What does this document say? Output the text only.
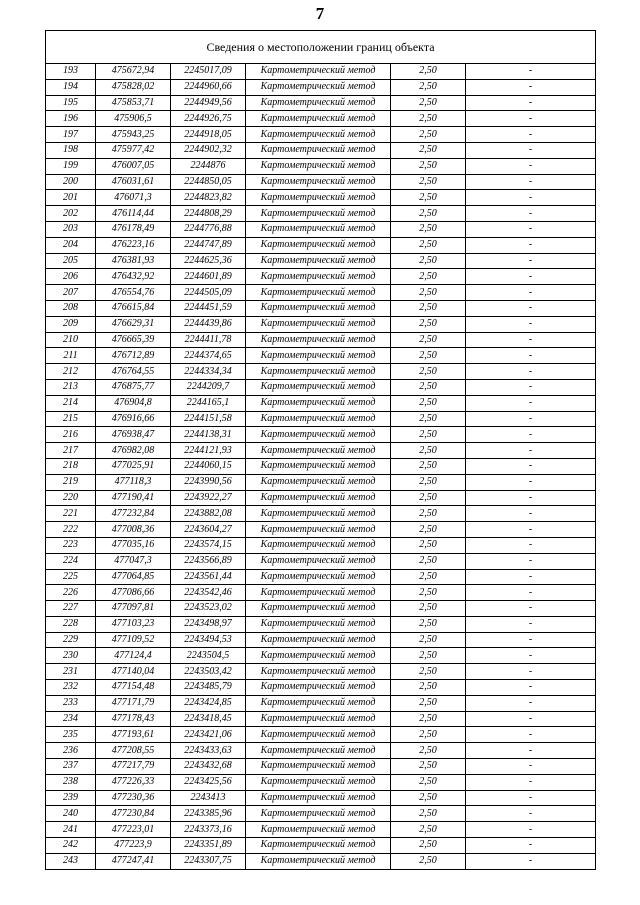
7
Сведения о местоположении границ объекта					
193	475672,94	2245017,09	Картометрический метод	2,50	-
194	475828,02	2244960,66	Картометрический метод	2,50	-
195	475853,71	2244949,56	Картометрический метод	2,50	-
196	475906,5	2244926,75	Картометрический метод	2,50	-
197	475943,25	2244918,05	Картометрический метод	2,50	-
198	475977,42	2244902,32	Картометрический метод	2,50	-
199	476007,05	2244876	Картометрический метод	2,50	-
200	476031,61	2244850,05	Картометрический метод	2,50	-
201	476071,3	2244823,82	Картометрический метод	2,50	-
202	476114,44	2244808,29	Картометрический метод	2,50	-
203	476178,49	2244776,88	Картометрический метод	2,50	-
204	476223,16	2244747,89	Картометрический метод	2,50	-
205	476381,93	2244625,36	Картометрический метод	2,50	-
206	476432,92	2244601,89	Картометрический метод	2,50	-
207	476554,76	2244505,09	Картометрический метод	2,50	-
208	476615,84	2244451,59	Картометрический метод	2,50	-
209	476629,31	2244439,86	Картометрический метод	2,50	-
210	476665,39	2244411,78	Картометрический метод	2,50	-
211	476712,89	2244374,65	Картометрический метод	2,50	-
212	476764,55	2244334,34	Картометрический метод	2,50	-
213	476875,77	2244209,7	Картометрический метод	2,50	-
214	476904,8	2244165,1	Картометрический метод	2,50	-
215	476916,66	2244151,58	Картометрический метод	2,50	-
216	476938,47	2244138,31	Картометрический метод	2,50	-
217	476982,08	2244121,93	Картометрический метод	2,50	-
218	477025,91	2244060,15	Картометрический метод	2,50	-
219	477118,3	2243990,56	Картометрический метод	2,50	-
220	477190,41	2243922,27	Картометрический метод	2,50	-
221	477232,84	2243882,08	Картометрический метод	2,50	-
222	477008,36	2243604,27	Картометрический метод	2,50	-
223	477035,16	2243574,15	Картометрический метод	2,50	-
224	477047,3	2243566,89	Картометрический метод	2,50	-
225	477064,85	2243561,44	Картометрический метод	2,50	-
226	477086,66	2243542,46	Картометрический метод	2,50	-
227	477097,81	2243523,02	Картометрический метод	2,50	-
228	477103,23	2243498,97	Картометрический метод	2,50	-
229	477109,52	2243494,53	Картометрический метод	2,50	-
230	477124,4	2243504,5	Картометрический метод	2,50	-
231	477140,04	2243503,42	Картометрический метод	2,50	-
232	477154,48	2243485,79	Картометрический метод	2,50	-
233	477171,79	2243424,85	Картометрический метод	2,50	-
234	477178,43	2243418,45	Картометрический метод	2,50	-
235	477193,61	2243421,06	Картометрический метод	2,50	-
236	477208,55	2243433,63	Картометрический метод	2,50	-
237	477217,79	2243432,68	Картометрический метод	2,50	-
238	477226,33	2243425,56	Картометрический метод	2,50	-
239	477230,36	2243413	Картометрический метод	2,50	-
240	477230,84	2243385,96	Картометрический метод	2,50	-
241	477223,01	2243373,16	Картометрический метод	2,50	-
242	477223,9	2243351,89	Картометрический метод	2,50	-
243	477247,41	2243307,75	Картометрический метод	2,50	-
